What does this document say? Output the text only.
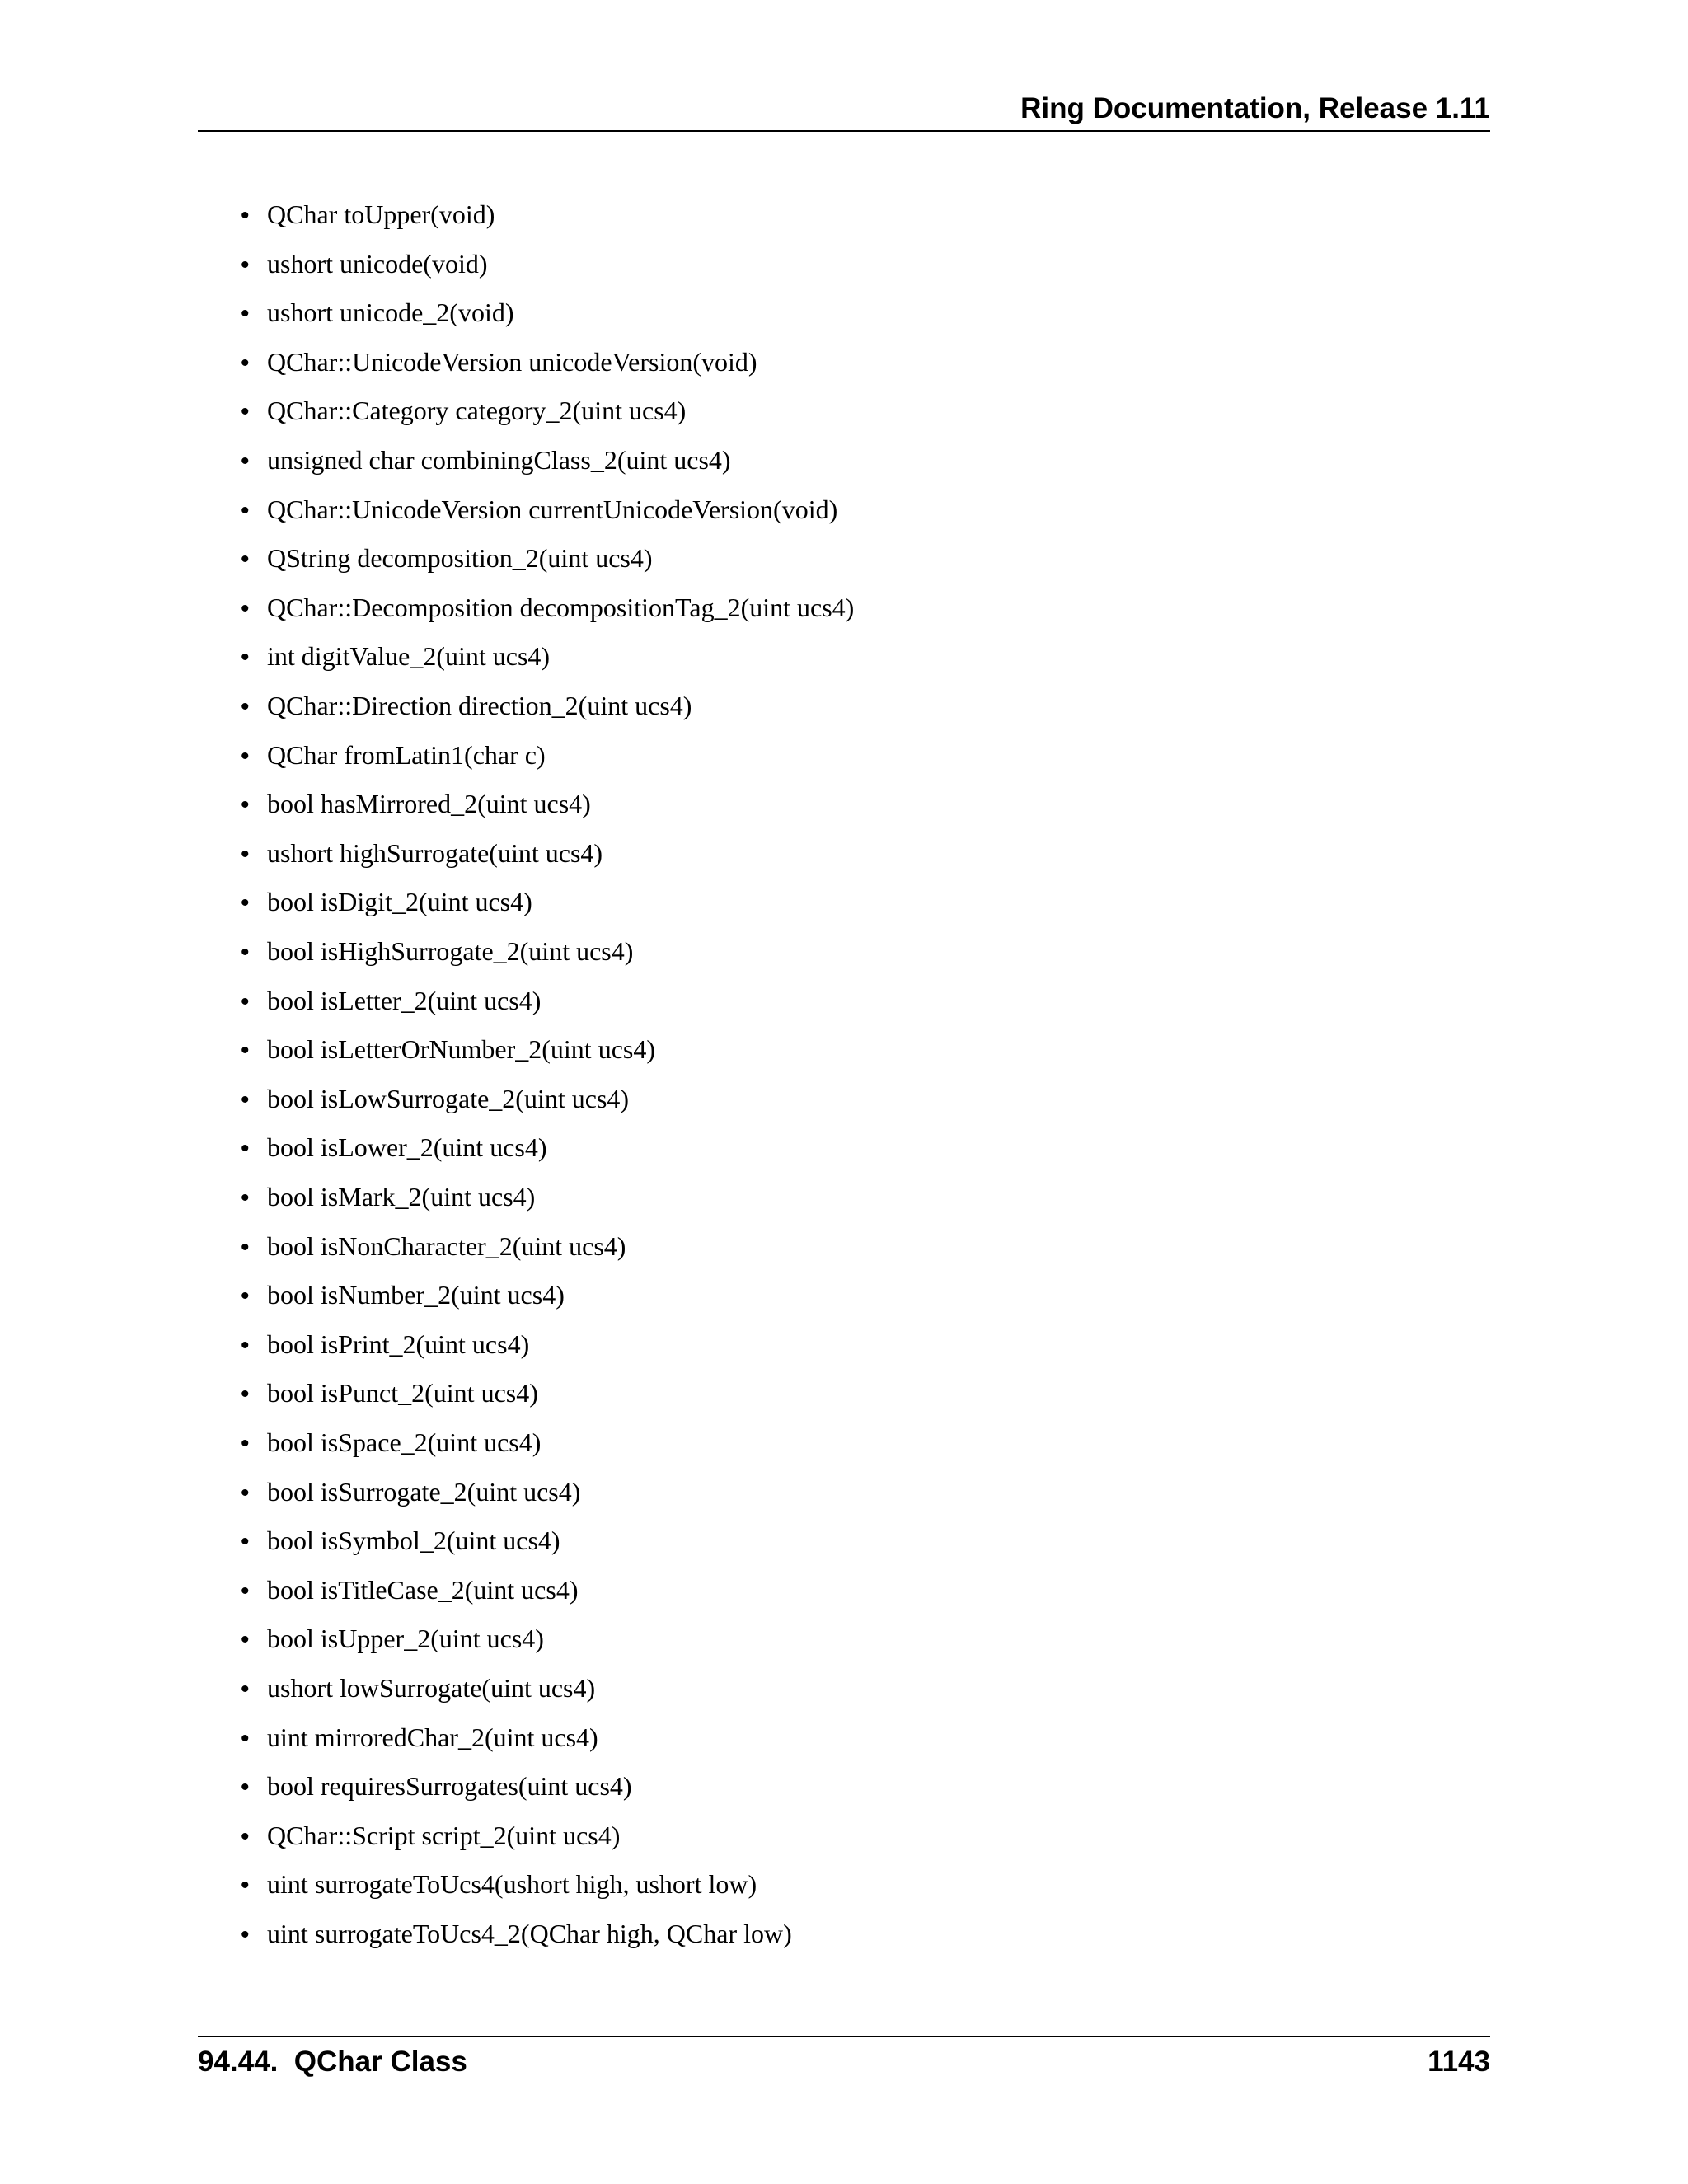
Ring Documentation, Release 1.11
• QChar toUpper(void)
• ushort unicode(void)
• ushort unicode_2(void)
• QChar::UnicodeVersion unicodeVersion(void)
• QChar::Category category_2(uint ucs4)
• unsigned char combiningClass_2(uint ucs4)
• QChar::UnicodeVersion currentUnicodeVersion(void)
• QString decomposition_2(uint ucs4)
• QChar::Decomposition decompositionTag_2(uint ucs4)
• int digitValue_2(uint ucs4)
• QChar::Direction direction_2(uint ucs4)
• QChar fromLatin1(char c)
• bool hasMirrored_2(uint ucs4)
• ushort highSurrogate(uint ucs4)
• bool isDigit_2(uint ucs4)
• bool isHighSurrogate_2(uint ucs4)
• bool isLetter_2(uint ucs4)
• bool isLetterOrNumber_2(uint ucs4)
• bool isLowSurrogate_2(uint ucs4)
• bool isLower_2(uint ucs4)
• bool isMark_2(uint ucs4)
• bool isNonCharacter_2(uint ucs4)
• bool isNumber_2(uint ucs4)
• bool isPrint_2(uint ucs4)
• bool isPunct_2(uint ucs4)
• bool isSpace_2(uint ucs4)
• bool isSurrogate_2(uint ucs4)
• bool isSymbol_2(uint ucs4)
• bool isTitleCase_2(uint ucs4)
• bool isUpper_2(uint ucs4)
• ushort lowSurrogate(uint ucs4)
• uint mirroredChar_2(uint ucs4)
• bool requiresSurrogates(uint ucs4)
• QChar::Script script_2(uint ucs4)
• uint surrogateToUcs4(ushort high, ushort low)
• uint surrogateToUcs4_2(QChar high, QChar low)
94.44.  QChar Class	1143
